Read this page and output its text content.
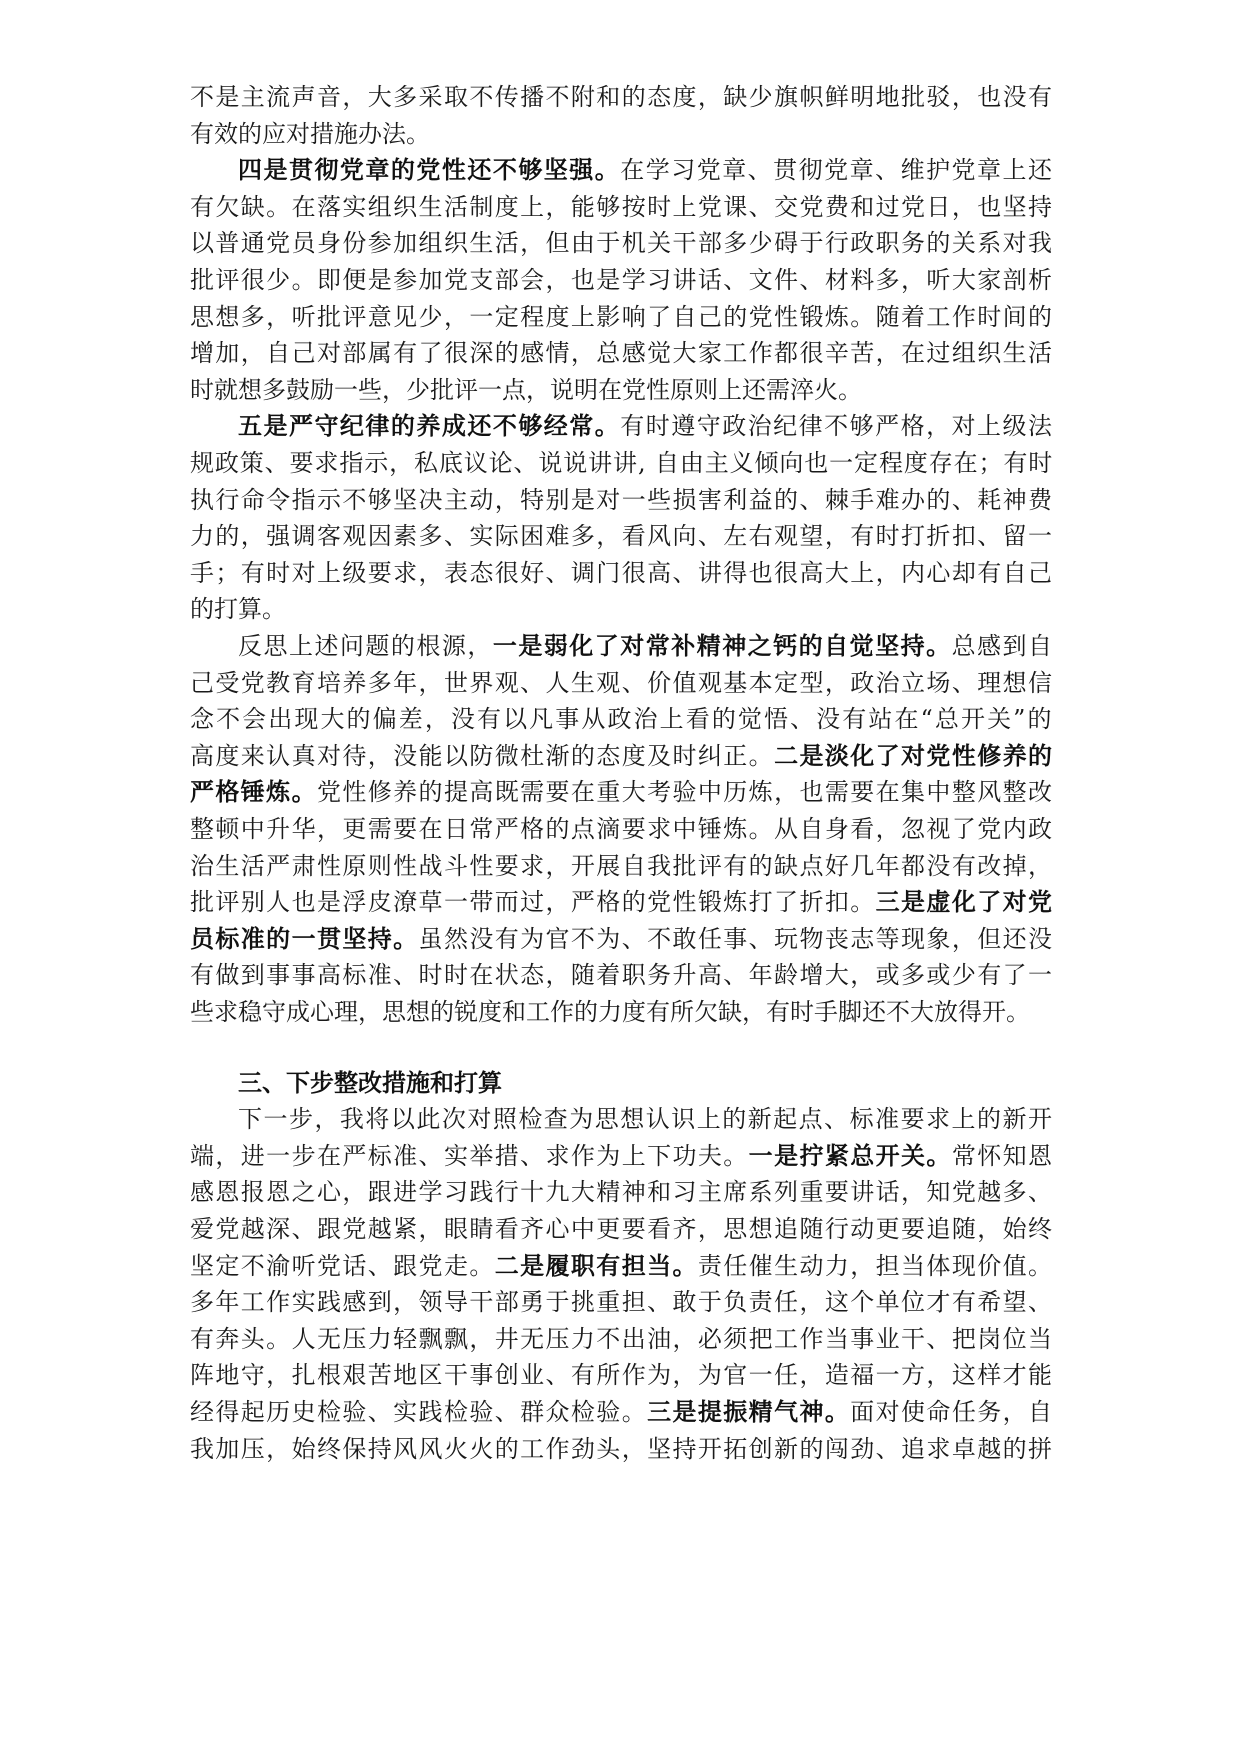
不是主流声音，大多采取不传播不附和的态度，缺少旗帜鲜明地批驳，也没有
有效的应对措施办法。
四是贯彻党章的党性还不够坚强。在学习党章、贯彻党章、维护党章上还
有欠缺。在落实组织生活制度上，能够按时上党课、交党费和过党日，也坚持
以普通党员身份参加组织生活，但由于机关干部多少碍于行政职务的关系对我
批评很少。即便是参加党支部会，也是学习讲话、文件、材料多，听大家剖析
思想多，听批评意见少，一定程度上影响了自己的党性锻炼。随着工作时间的
增加，自己对部属有了很深的感情，总感觉大家工作都很辛苦，在过组织生活
时就想多鼓励一些，少批评一点，说明在党性原则上还需淬火。
五是严守纪律的养成还不够经常。有时遵守政治纪律不够严格，对上级法
规政策、要求指示，私底议论、说说讲讲, 自由主义倾向也一定程度存在；有时
执行命令指示不够坚决主动，特别是对一些损害利益的、棘手难办的、耗神费
力的，强调客观因素多、实际困难多，看风向、左右观望，有时打折扣、留一
手；有时对上级要求，表态很好、调门很高、讲得也很高大上，内心却有自己
的打算。
反思上述问题的根源，一是弱化了对常补精神之钙的自觉坚持。总感到自
己受党教育培养多年，世界观、人生观、价值观基本定型，政治立场、理想信
念不会出现大的偏差，没有以凡事从政治上看的觉悟、没有站在“总开关”的
高度来认真对待，没能以防微杜渐的态度及时纠正。二是淡化了对党性修养的
严格锤炼。党性修养的提高既需要在重大考验中历炼，也需要在集中整风整改
整顿中升华，更需要在日常严格的点滴要求中锤炼。从自身看，忽视了党内政
治生活严肃性原则性战斗性要求，开展自我批评有的缺点好几年都没有改掉，
批评别人也是浮皮潦草一带而过，严格的党性锻炼打了折扣。三是虚化了对党
员标准的一贯坚持。虽然没有为官不为、不敢任事、玩物丧志等现象，但还没
有做到事事高标准、时时在状态，随着职务升高、年龄增大，或多或少有了一
些求稳守成心理，思想的锐度和工作的力度有所欠缺，有时手脚还不大放得开。
三、下步整改措施和打算
下一步，我将以此次对照检查为思想认识上的新起点、标准要求上的新开
端，进一步在严标准、实举措、求作为上下功夫。一是拧紧总开关。常怀知恩
感恩报恩之心，跟进学习践行十九大精神和习主席系列重要讲话，知党越多、
爱党越深、跟党越紧，眼睛看齐心中更要看齐，思想追随行动更要追随，始终
坚定不渝听党话、跟党走。二是履职有担当。责任催生动力，担当体现价值。
多年工作实践感到，领导干部勇于挑重担、敢于负责任，这个单位才有希望、
有奔头。人无压力轻飘飘，井无压力不出油，必须把工作当事业干、把岗位当
阵地守，扎根艰苦地区干事创业、有所作为，为官一任，造福一方，这样才能
经得起历史检验、实践检验、群众检验。三是提振精气神。面对使命任务，自
我加压，始终保持风风火火的工作劲头，坚持开拓创新的闯劲、追求卓越的拼
